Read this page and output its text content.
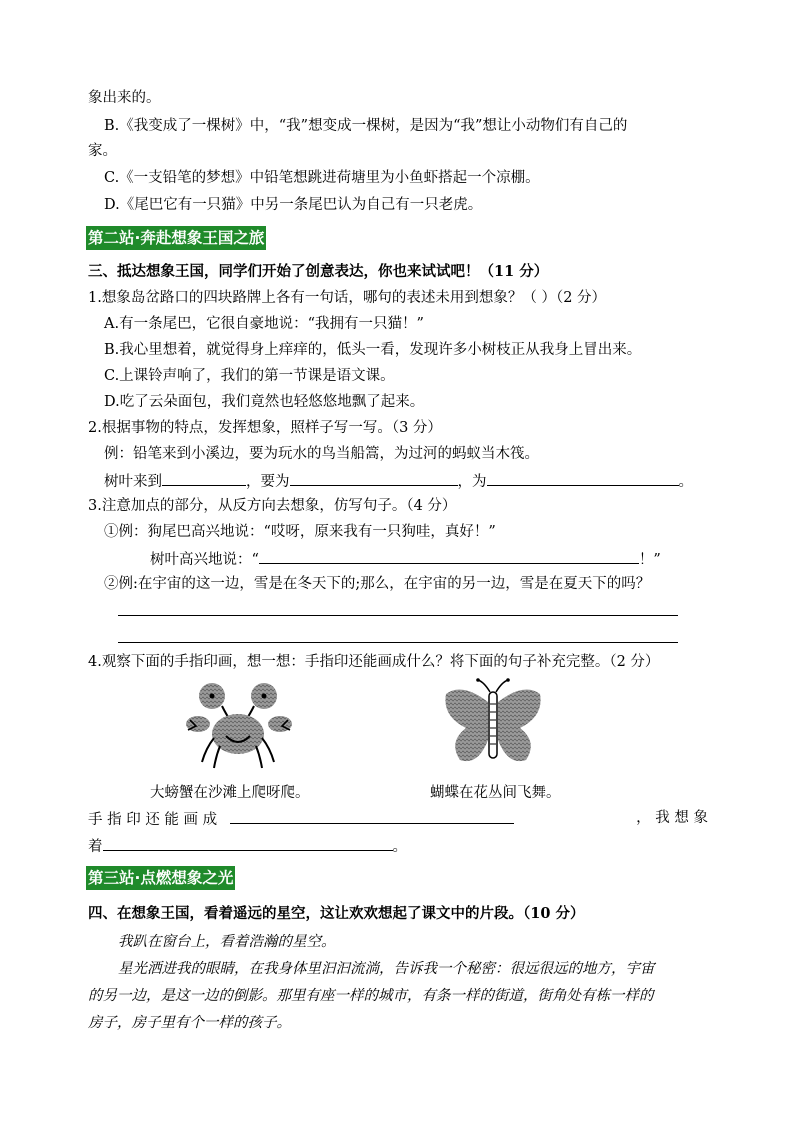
象出来的。
B.《我变成了一棵树》中，“我”想变成一棵树，是因为“我”想让小动物们有自己的
家。
C.《一支铅笔的梦想》中铅笔想跳进荷塘里为小鱼虾搭起一个凉棚。
D.《尾巴它有一只猫》中另一条尾巴认为自己有一只老虎。
第二站·奔赴想象王国之旅
三、抵达想象王国，同学们开始了创意表达，你也来试试吧！（11 分）
1.想象岛岔路口的四块路牌上各有一句话，哪句的表述未用到想象？（ ）（2 分）
A.有一条尾巴，它很自豪地说：“我拥有一只猫！”
B.我心里想着，就觉得身上痒痒的，低头一看，发现许多小树枝正从我身上冒出来。
C.上课铃声响了，我们的第一节课是语文课。
D.吃了云朵面包，我们竟然也轻悠悠地飘了起来。
2.根据事物的特点，发挥想象，照样子写一写。（3 分）
例：铅笔来到小溪边，要为玩水的鸟当船篙，为过河的蚂蚁当木筏。
树叶来到	，要为	，为	。
3.注意加点的部分，从反方向去想象，仿写句子。（4 分）
①例：狗尾巴高兴地说：“哎呀，原来我有一只狗哇，真好！”
树叶高兴地说：“	！”
②例:在宇宙的这一边，雪是在冬天下的;那么，在宇宙的另一边，雪是在夏天下的吗？
4.观察下面的手指印画，想一想：手指印还能画成什么？将下面的句子补充完整。（2 分）
大螃蟹在沙滩上爬呀爬。	蝴蝶在花丛间飞舞。
手 指 印 还 能 画 成	， 我 想 象
着	。
第三站·点燃想象之光
四、在想象王国，看着遥远的星空，这让欢欢想起了课文中的片段。（10 分）
我趴在窗台上，看着浩瀚的星空。
星光洒进我的眼睛，在我身体里汩汩流淌，告诉我一个秘密：很远很远的地方，宇宙
的另一边，是这一边的倒影。那里有座一样的城市，有条一样的街道，街角处有栋一样的
房子，房子里有个一样的孩子。
